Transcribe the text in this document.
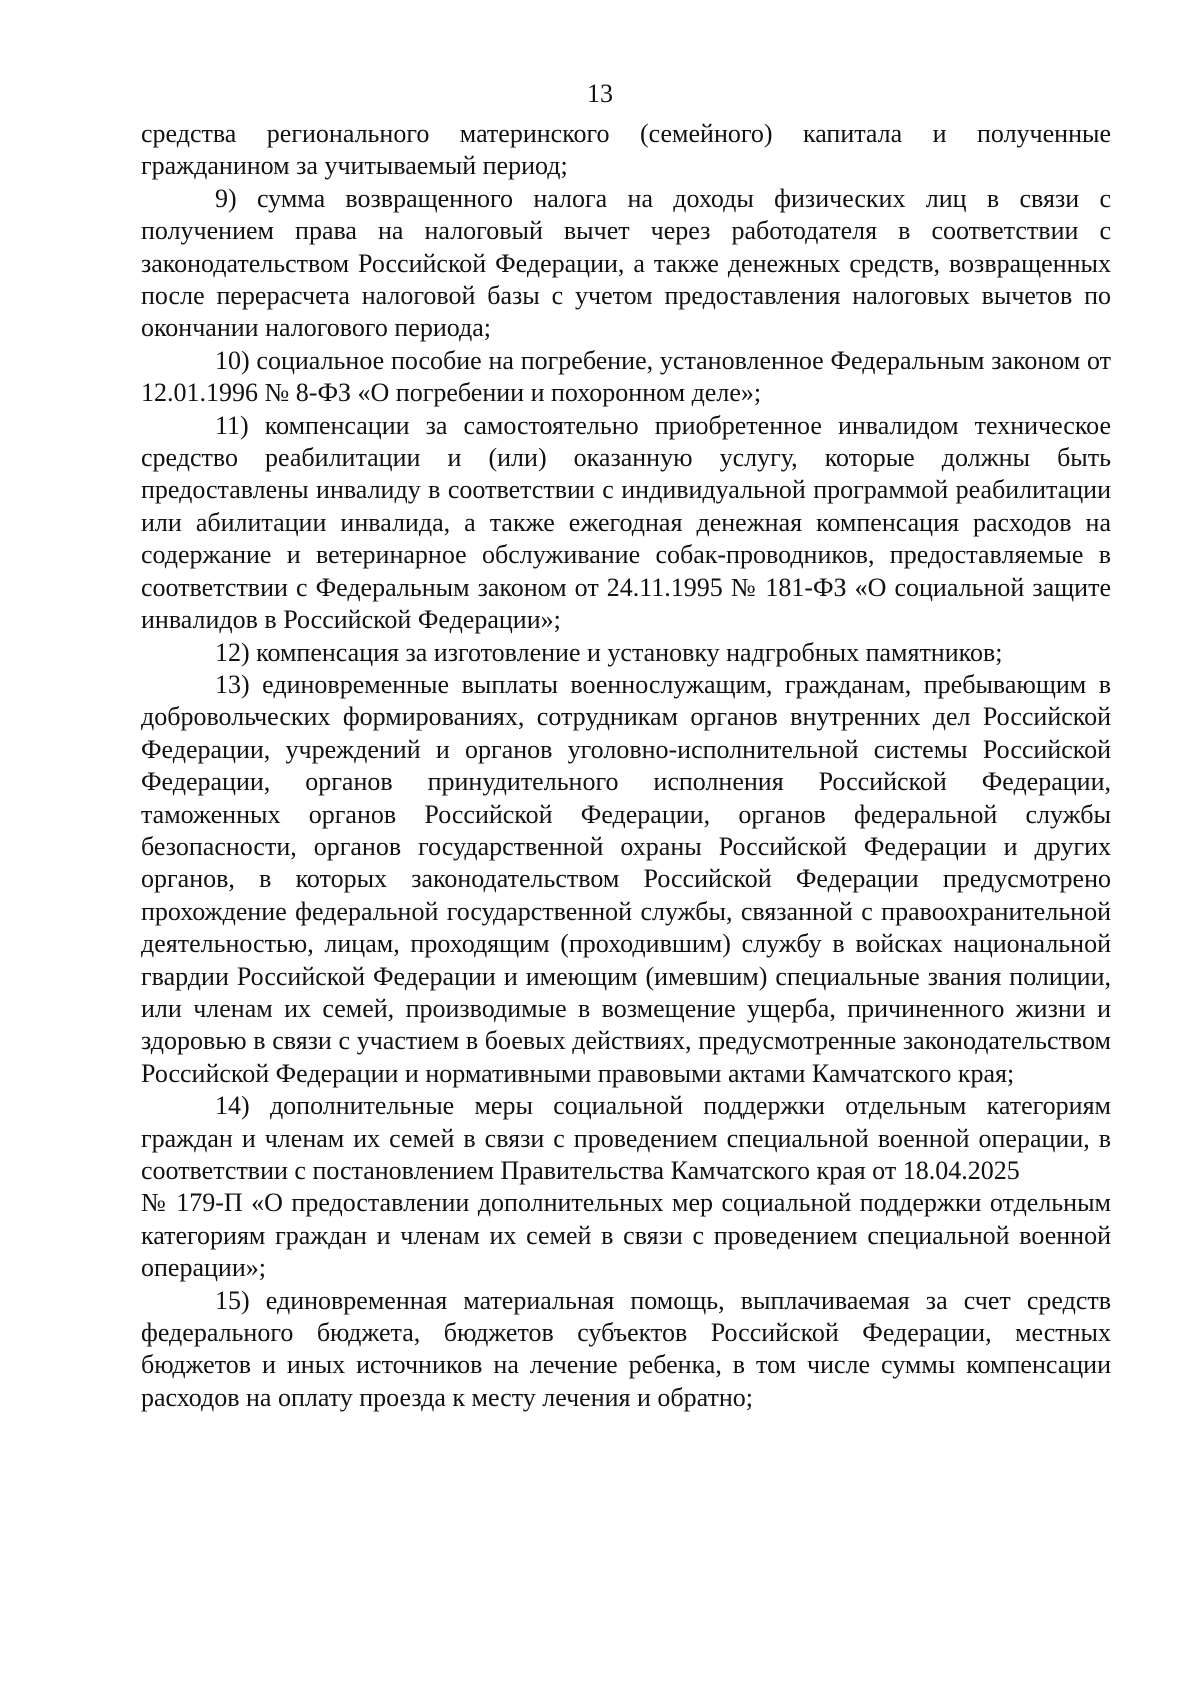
13

средства регионального материнского (семейного) капитала и полученные гражданином за учитываемый период;

9) сумма возвращенного налога на доходы физических лиц в связи с получением права на налоговый вычет через работодателя в соответствии с законодательством Российской Федерации, а также денежных средств, возвращенных после перерасчета налоговой базы с учетом предоставления налоговых вычетов по окончании налогового периода;

10) социальное пособие на погребение, установленное Федеральным законом от 12.01.1996 № 8-ФЗ «О погребении и похоронном деле»;

11) компенсации за самостоятельно приобретенное инвалидом техническое средство реабилитации и (или) оказанную услугу, которые должны быть предоставлены инвалиду в соответствии с индивидуальной программой реабилитации или абилитации инвалида, а также ежегодная денежная компенсация расходов на содержание и ветеринарное обслуживание собак-проводников, предоставляемые в соответствии с Федеральным законом от 24.11.1995 № 181-ФЗ «О социальной защите инвалидов в Российской Федерации»;

12) компенсация за изготовление и установку надгробных памятников;

13) единовременные выплаты военнослужащим, гражданам, пребывающим в добровольческих формированиях, сотрудникам органов внутренних дел Российской Федерации, учреждений и органов уголовно-исполнительной системы Российской Федерации, органов принудительного исполнения Российской Федерации, таможенных органов Российской Федерации, органов федеральной службы безопасности, органов государственной охраны Российской Федерации и других органов, в которых законодательством Российской Федерации предусмотрено прохождение федеральной государственной службы, связанной с правоохранительной деятельностью, лицам, проходящим (проходившим) службу в войсках национальной гвардии Российской Федерации и имеющим (имевшим) специальные звания полиции, или членам их семей, производимые в возмещение ущерба, причиненного жизни и здоровью в связи с участием в боевых действиях, предусмотренные законодательством Российской Федерации и нормативными правовыми актами Камчатского края;

14) дополнительные меры социальной поддержки отдельным категориям граждан и членам их семей в связи с проведением специальной военной операции, в соответствии с постановлением Правительства Камчатского края от 18.04.2025

№ 179-П «О предоставлении дополнительных мер социальной поддержки отдельным категориям граждан и членам их семей в связи с проведением специальной военной операции»;

15) единовременная материальная помощь, выплачиваемая за счет средств федерального бюджета, бюджетов субъектов Российской Федерации, местных бюджетов и иных источников на лечение ребенка, в том числе суммы компенсации расходов на оплату проезда к месту лечения и обратно;
